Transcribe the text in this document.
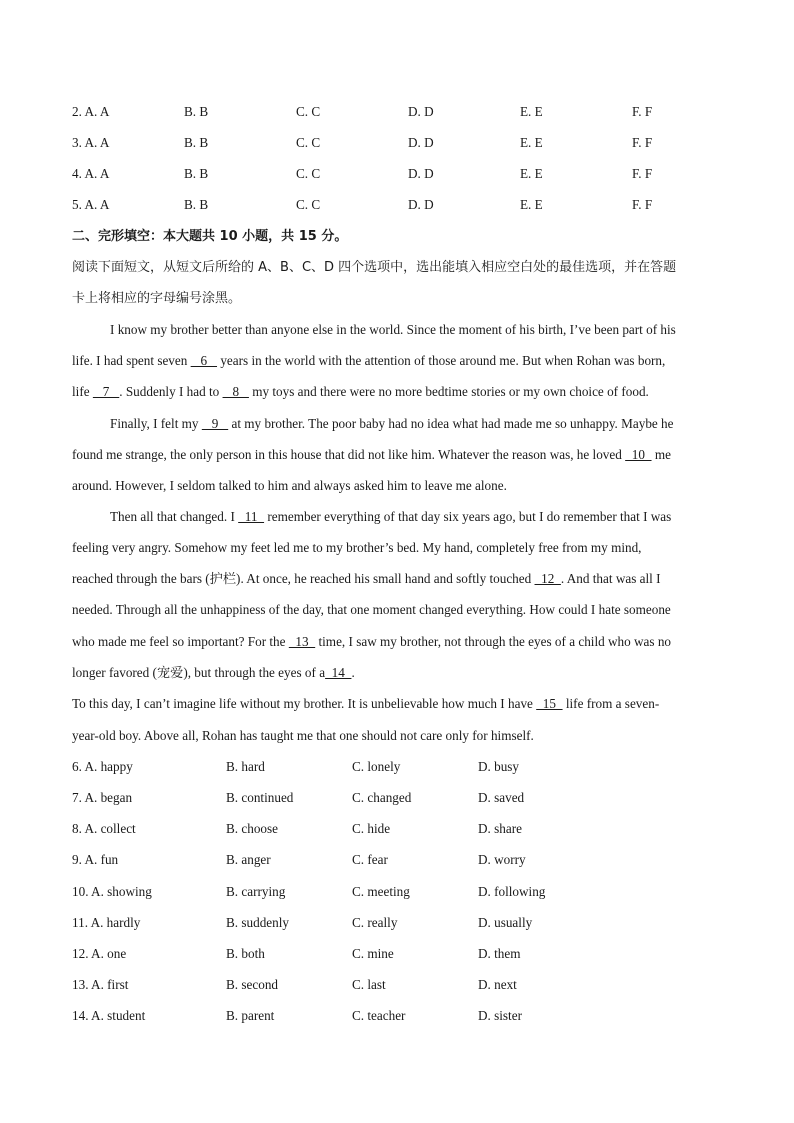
2. A. A	B. B	C. C	D. D	E. E	F. F
3. A. A	B. B	C. C	D. D	E. E	F. F
4. A. A	B. B	C. C	D. D	E. E	F. F
5. A. A	B. B	C. C	D. D	E. E	F. F
二、完形填空：本大题共 10 小题，共 15 分。
阅读下面短文，从短文后所给的 A、B、C、D 四个选项中，选出能填入相应空白处的最佳选项，并在答题
卡上将相应的字母编号涂黑。
I know my brother better than anyone else in the world. Since the moment of his birth, I’ve been part of his
life. I had spent seven    6    years in the world with the attention of those around me. But when Rohan was born,
life    7   . Suddenly I had to    8    my toys and there were no more bedtime stories or my own choice of food.
Finally, I felt my    9    at my brother. The poor baby had no idea what had made me so unhappy. Maybe he
found me strange, the only person in this house that did not like him. Whatever the reason was, he loved   10   me
around. However, I seldom talked to him and always asked him to leave me alone.
Then all that changed. I   11   remember everything of that day six years ago, but I do remember that I was
feeling very angry. Somehow my feet led me to my brother’s bed. My hand, completely free from my mind,
reached through the bars (护栏). At once, he reached his small hand and softly touched   12  . And that was all I
needed. Through all the unhappiness of the day, that one moment changed everything. How could I hate someone
who made me feel so important? For the   13   time, I saw my brother, not through the eyes of a child who was no
longer favored (宠爱), but through the eyes of a  14  .
To this day, I can’t imagine life without my brother. It is unbelievable how much I have   15   life from a seven-
year-old boy. Above all, Rohan has taught me that one should not care only for himself.
6. A. happy	B. hard	C. lonely	D. busy
7. A. began	B. continued	C. changed	D. saved
8. A. collect	B. choose	C. hide	D. share
9. A. fun	B. anger	C. fear	D. worry
10. A. showing	B. carrying	C. meeting	D. following
11. A. hardly	B. suddenly	C. really	D. usually
12. A. one	B. both	C. mine	D. them
13. A. first	B. second	C. last	D. next
14. A. student	B. parent	C. teacher	D. sister
